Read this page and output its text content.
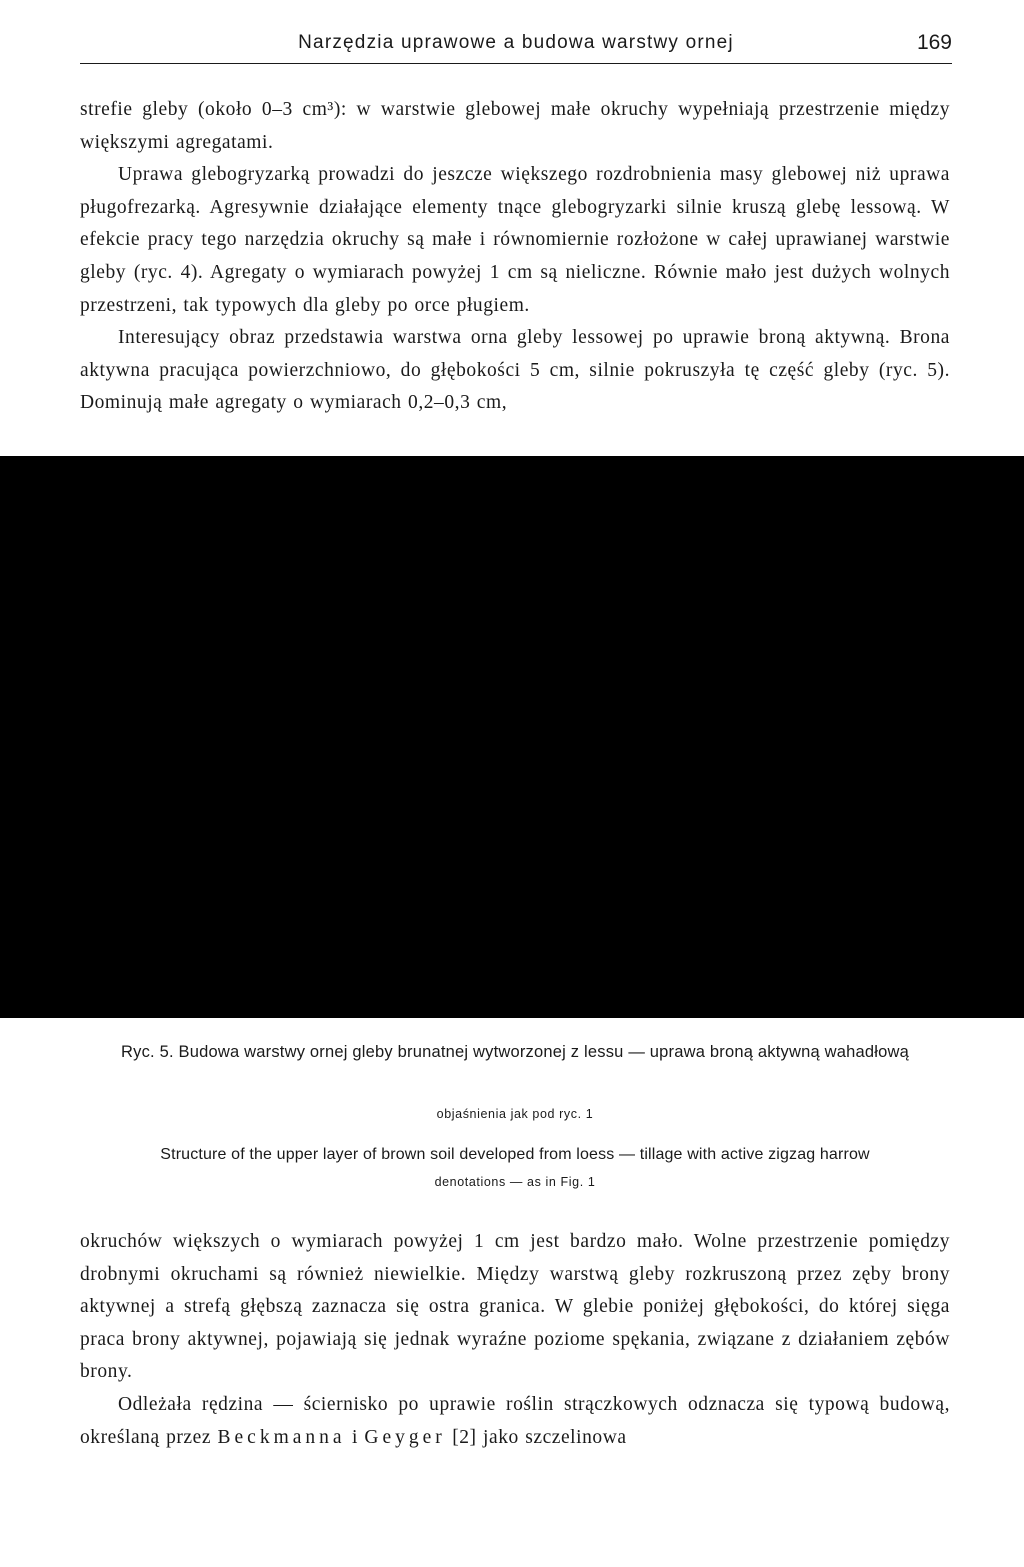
Narzędzia uprawowe a budowa warstwy ornej	169

strefie gleby (około 0–3 cm³): w warstwie glebowej małe okruchy wypełniają przestrzenie między większymi agregatami.

Uprawa glebogryzarką prowadzi do jeszcze większego rozdrobnienia masy glebowej niż uprawa pługofrezarką. Agresywnie działające elementy tnące glebogryzarki silnie kruszą glebę lessową. W efekcie pracy tego narzędzia okruchy są małe i równomiernie rozłożone w całej uprawianej warstwie gleby (ryc. 4). Agregaty o wymiarach powyżej 1 cm są nieliczne. Równie mało jest dużych wolnych przestrzeni, tak typowych dla gleby po orce pługiem.

Interesujący obraz przedstawia warstwa orna gleby lessowej po uprawie broną aktywną. Brona aktywna pracująca powierzchniowo, do głębokości 5 cm, silnie pokruszyła tę część gleby (ryc. 5). Dominują małe agregaty o wymiarach 0,2–0,3 cm,

Ryc. 5. Budowa warstwy ornej gleby brunatnej wytworzonej z lessu — uprawa broną aktywną wahadłową
objaśnienia jak pod ryc. 1
Structure of the upper layer of brown soil developed from loess — tillage with active zigzag harrow
denotations — as in Fig. 1

okruchów większych o wymiarach powyżej 1 cm jest bardzo mało. Wolne przestrzenie pomiędzy drobnymi okruchami są również niewielkie. Między warstwą gleby rozkruszoną przez zęby brony aktywnej a strefą głębszą zaznacza się ostra granica. W glebie poniżej głębokości, do której sięga praca brony aktywnej, pojawiają się jednak wyraźne poziome spękania, związane z działaniem zębów brony.

Odleżała rędzina — ściernisko po uprawie roślin strączkowych odznacza się typową budową, określaną przez Beckmanna i Geyger [2] jako szczelinowa
